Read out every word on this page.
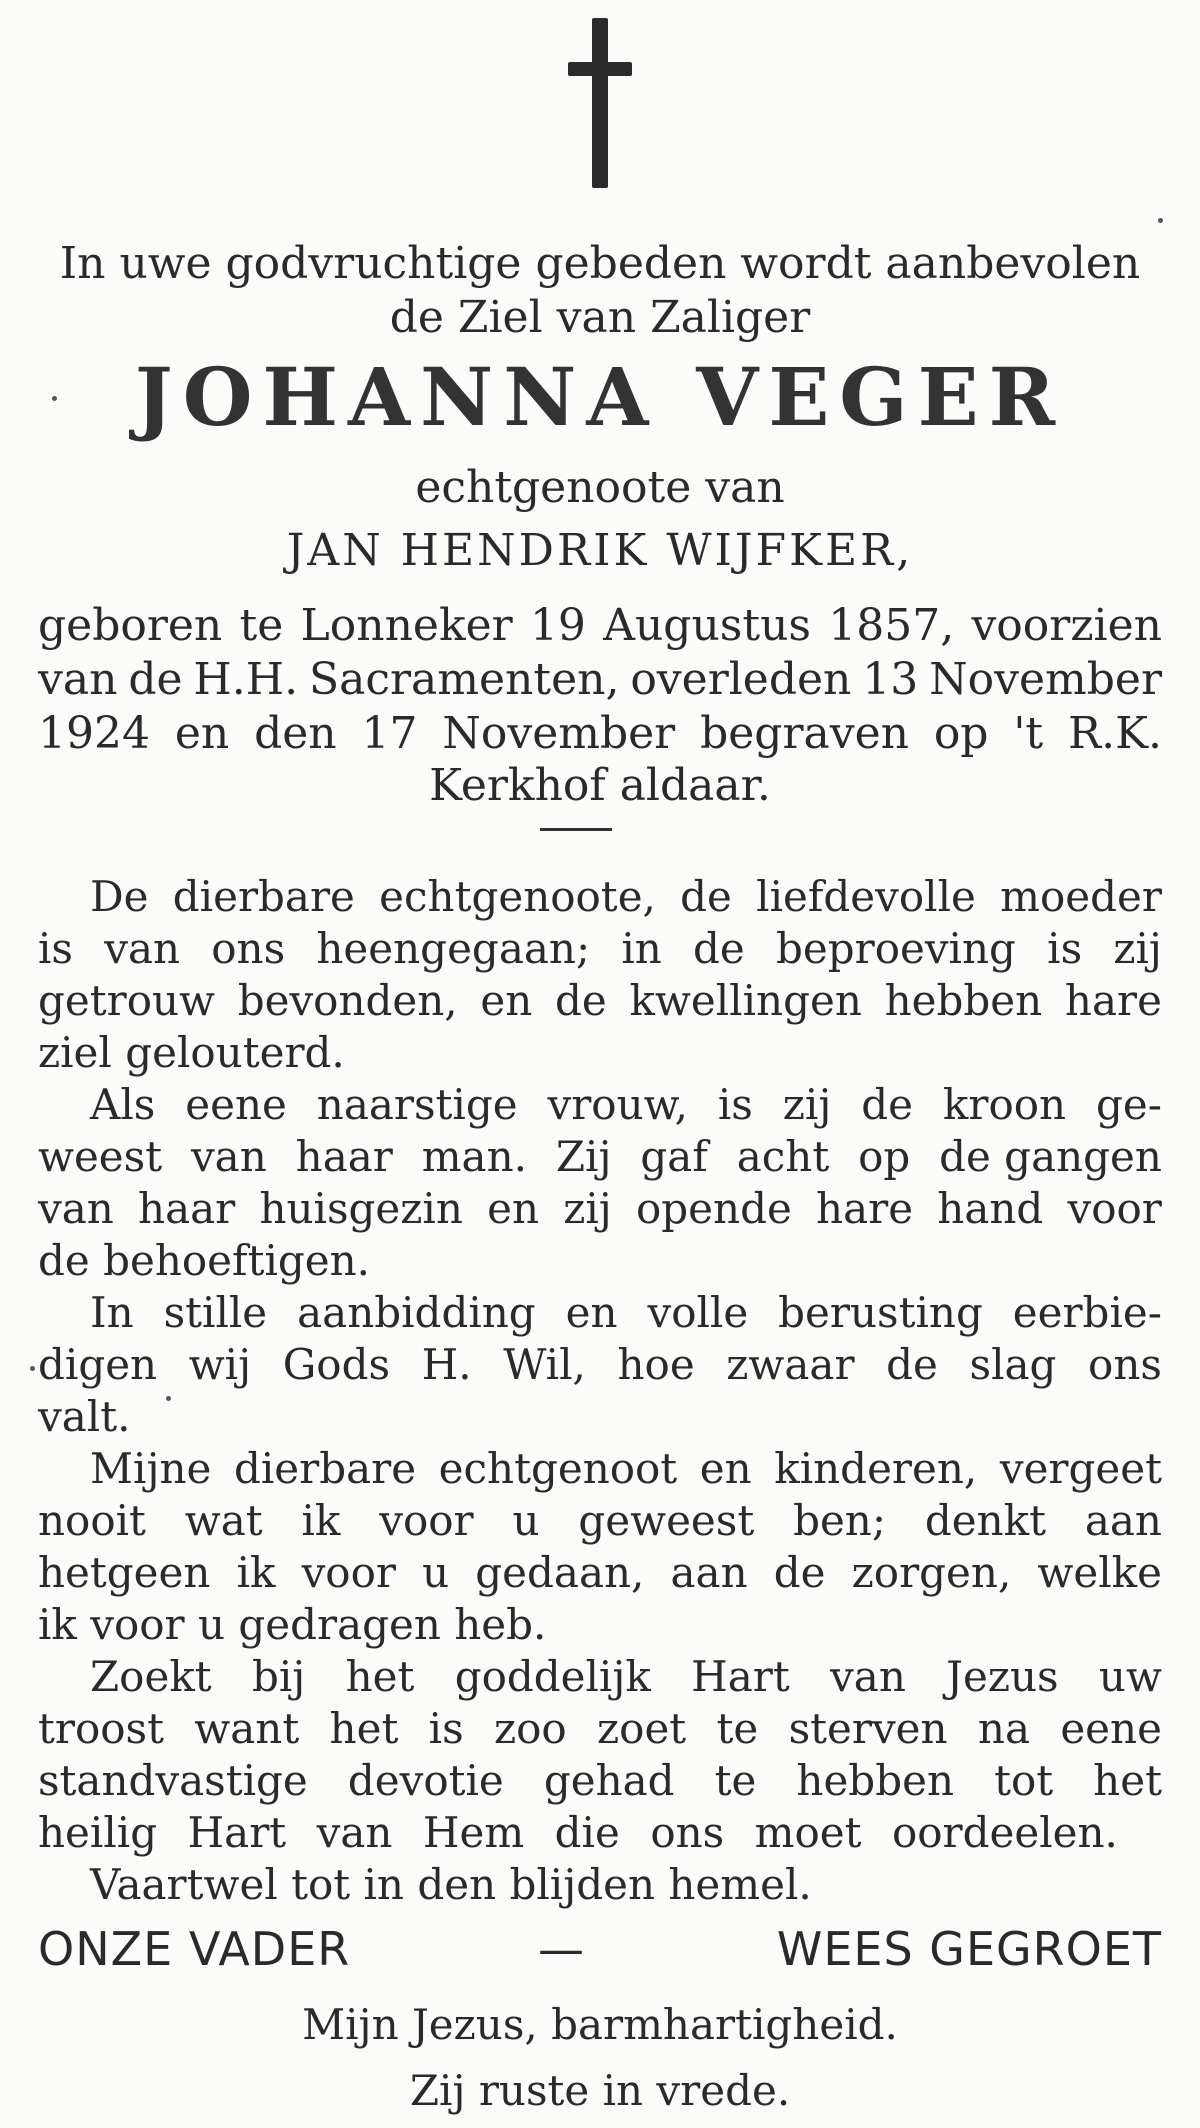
In uwe godvruchtige gebeden wordt aanbevolen
de Ziel van Zaliger
JOHANNA VEGER
echtgenoote van
JAN HENDRIK WIJFKER,
geboren te Lonneker 19 Augustus 1857, voorzien
van de H.H. Sacramenten, overleden 13 November
1924 en den 17 November begraven op 't R.K.
Kerkhof aldaar.
De dierbare echtgenoote, de liefdevolle moeder
is van ons heengegaan; in de beproeving is zij
getrouw bevonden, en de kwellingen hebben hare
ziel gelouterd.
Als eene naarstige vrouw, is zij de kroon ge-
weest van haar man. Zij gaf acht op de gangen
van haar huisgezin en zij opende hare hand voor
de behoeftigen.
In stille aanbidding en volle berusting eerbie-
digen wij Gods H. Wil, hoe zwaar de slag ons
valt.
Mijne dierbare echtgenoot en kinderen, vergeet
nooit wat ik voor u geweest ben; denkt aan
hetgeen ik voor u gedaan, aan de zorgen, welke
ik voor u gedragen heb.
Zoekt bij het goddelijk Hart van Jezus uw
troost want het is zoo zoet te sterven na eene
standvastige devotie gehad te hebben tot het
heilig Hart van Hem die ons moet oordeelen.
Vaartwel tot in den blijden hemel.
ONZE VADER	—	WEES GEGROET
Mijn Jezus, barmhartigheid.
Zij ruste in vrede.
